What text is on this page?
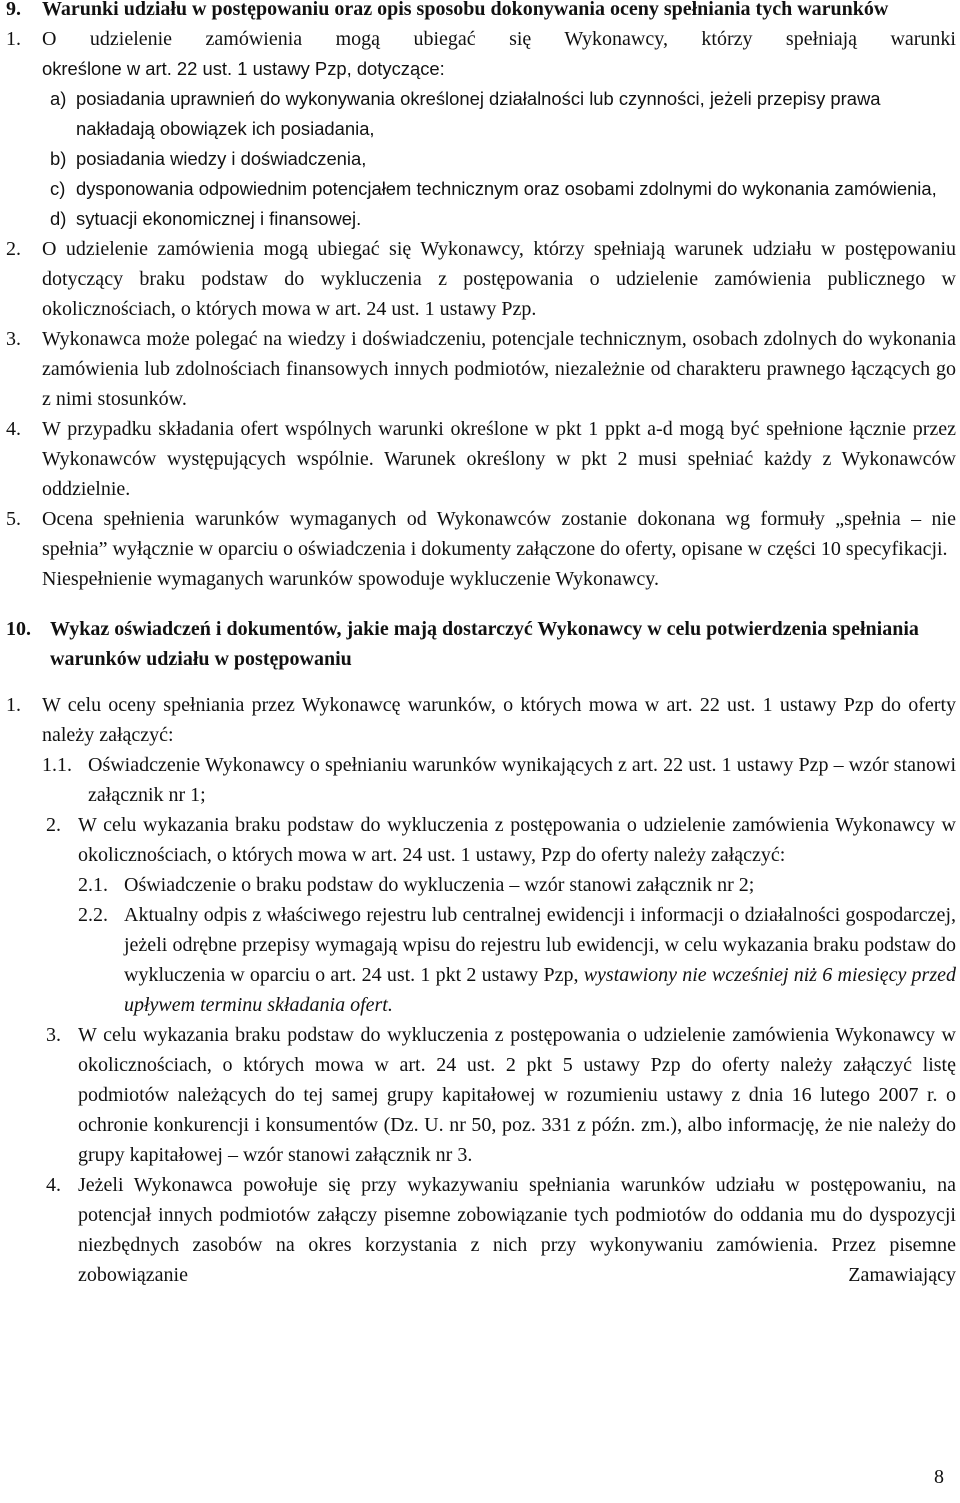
9.	Warunki udziału w postępowaniu oraz opis sposobu dokonywania oceny spełniania tych warunków
1.	O udzielenie zamówienia mogą ubiegać się Wykonawcy, którzy spełniają warunki
określone w art. 22 ust. 1 ustawy Pzp, dotyczące:
a) posiadania uprawnień do wykonywania określonej działalności lub czynności, jeżeli przepisy prawa nakładają obowiązek ich posiadania,
b) posiadania wiedzy i doświadczenia,
c) dysponowania odpowiednim potencjałem technicznym oraz osobami zdolnymi do wykonania zamówienia,
d) sytuacji ekonomicznej i finansowej.
2.	O udzielenie zamówienia mogą ubiegać się Wykonawcy, którzy spełniają warunek udziału w postępowaniu dotyczący braku podstaw do wykluczenia z postępowania o udzielenie zamówienia publicznego w okolicznościach, o których mowa w art. 24 ust. 1 ustawy Pzp.
3.	Wykonawca może polegać na wiedzy i doświadczeniu, potencjale technicznym, osobach zdolnych do wykonania zamówienia lub zdolnościach finansowych innych podmiotów, niezależnie od charakteru prawnego łączących go z nimi stosunków.
4.	W przypadku składania ofert wspólnych warunki określone w pkt 1 ppkt a-d mogą być spełnione łącznie przez Wykonawców występujących wspólnie. Warunek określony w pkt 2 musi spełniać każdy z Wykonawców oddzielnie.
5.	Ocena spełnienia warunków wymaganych od Wykonawców zostanie dokonana wg formuły „spełnia – nie spełnia” wyłącznie w oparciu o oświadczenia i dokumenty załączone do oferty, opisane w części 10 specyfikacji.
Niespełnienie wymaganych warunków spowoduje wykluczenie Wykonawcy.
10. Wykaz oświadczeń i dokumentów, jakie mają dostarczyć Wykonawcy w celu potwierdzenia spełniania warunków udziału w postępowaniu
1.	W celu oceny spełniania przez Wykonawcę warunków, o których mowa w art. 22 ust. 1 ustawy Pzp do oferty należy załączyć:
1.1. Oświadczenie Wykonawcy o spełnianiu warunków wynikających z art. 22 ust. 1 ustawy Pzp – wzór stanowi załącznik nr 1;
2. W celu wykazania braku podstaw do wykluczenia z postępowania o udzielenie zamówienia Wykonawcy w okolicznościach, o których mowa w art. 24 ust. 1 ustawy, Pzp do oferty należy załączyć:
2.1. Oświadczenie o braku podstaw do wykluczenia – wzór stanowi załącznik nr 2;
2.2. Aktualny odpis z właściwego rejestru lub centralnej ewidencji i informacji o działalności gospodarczej, jeżeli odrębne przepisy wymagają wpisu do rejestru lub ewidencji, w celu wykazania braku podstaw do wykluczenia w oparciu o art. 24 ust. 1 pkt 2 ustawy Pzp, wystawiony nie wcześniej niż 6 miesięcy przed upływem terminu składania ofert.
3. W celu wykazania braku podstaw do wykluczenia z postępowania o udzielenie zamówienia Wykonawcy w okolicznościach, o których mowa w art. 24 ust. 2 pkt 5 ustawy Pzp do oferty należy załączyć listę podmiotów należących do tej samej grupy kapitałowej w rozumieniu ustawy z dnia 16 lutego 2007 r. o ochronie konkurencji i konsumentów (Dz. U. nr 50, poz. 331 z późn. zm.), albo informację, że nie należy do grupy kapitałowej – wzór stanowi załącznik nr 3.
4. Jeżeli Wykonawca powołuje się przy wykazywaniu spełniania warunków udziału w postępowaniu, na potencjał innych podmiotów załączy pisemne zobowiązanie tych podmiotów do oddania mu do dyspozycji niezbędnych zasobów na okres korzystania z nich przy wykonywaniu zamówienia. Przez pisemne zobowiązanie Zamawiający
8
